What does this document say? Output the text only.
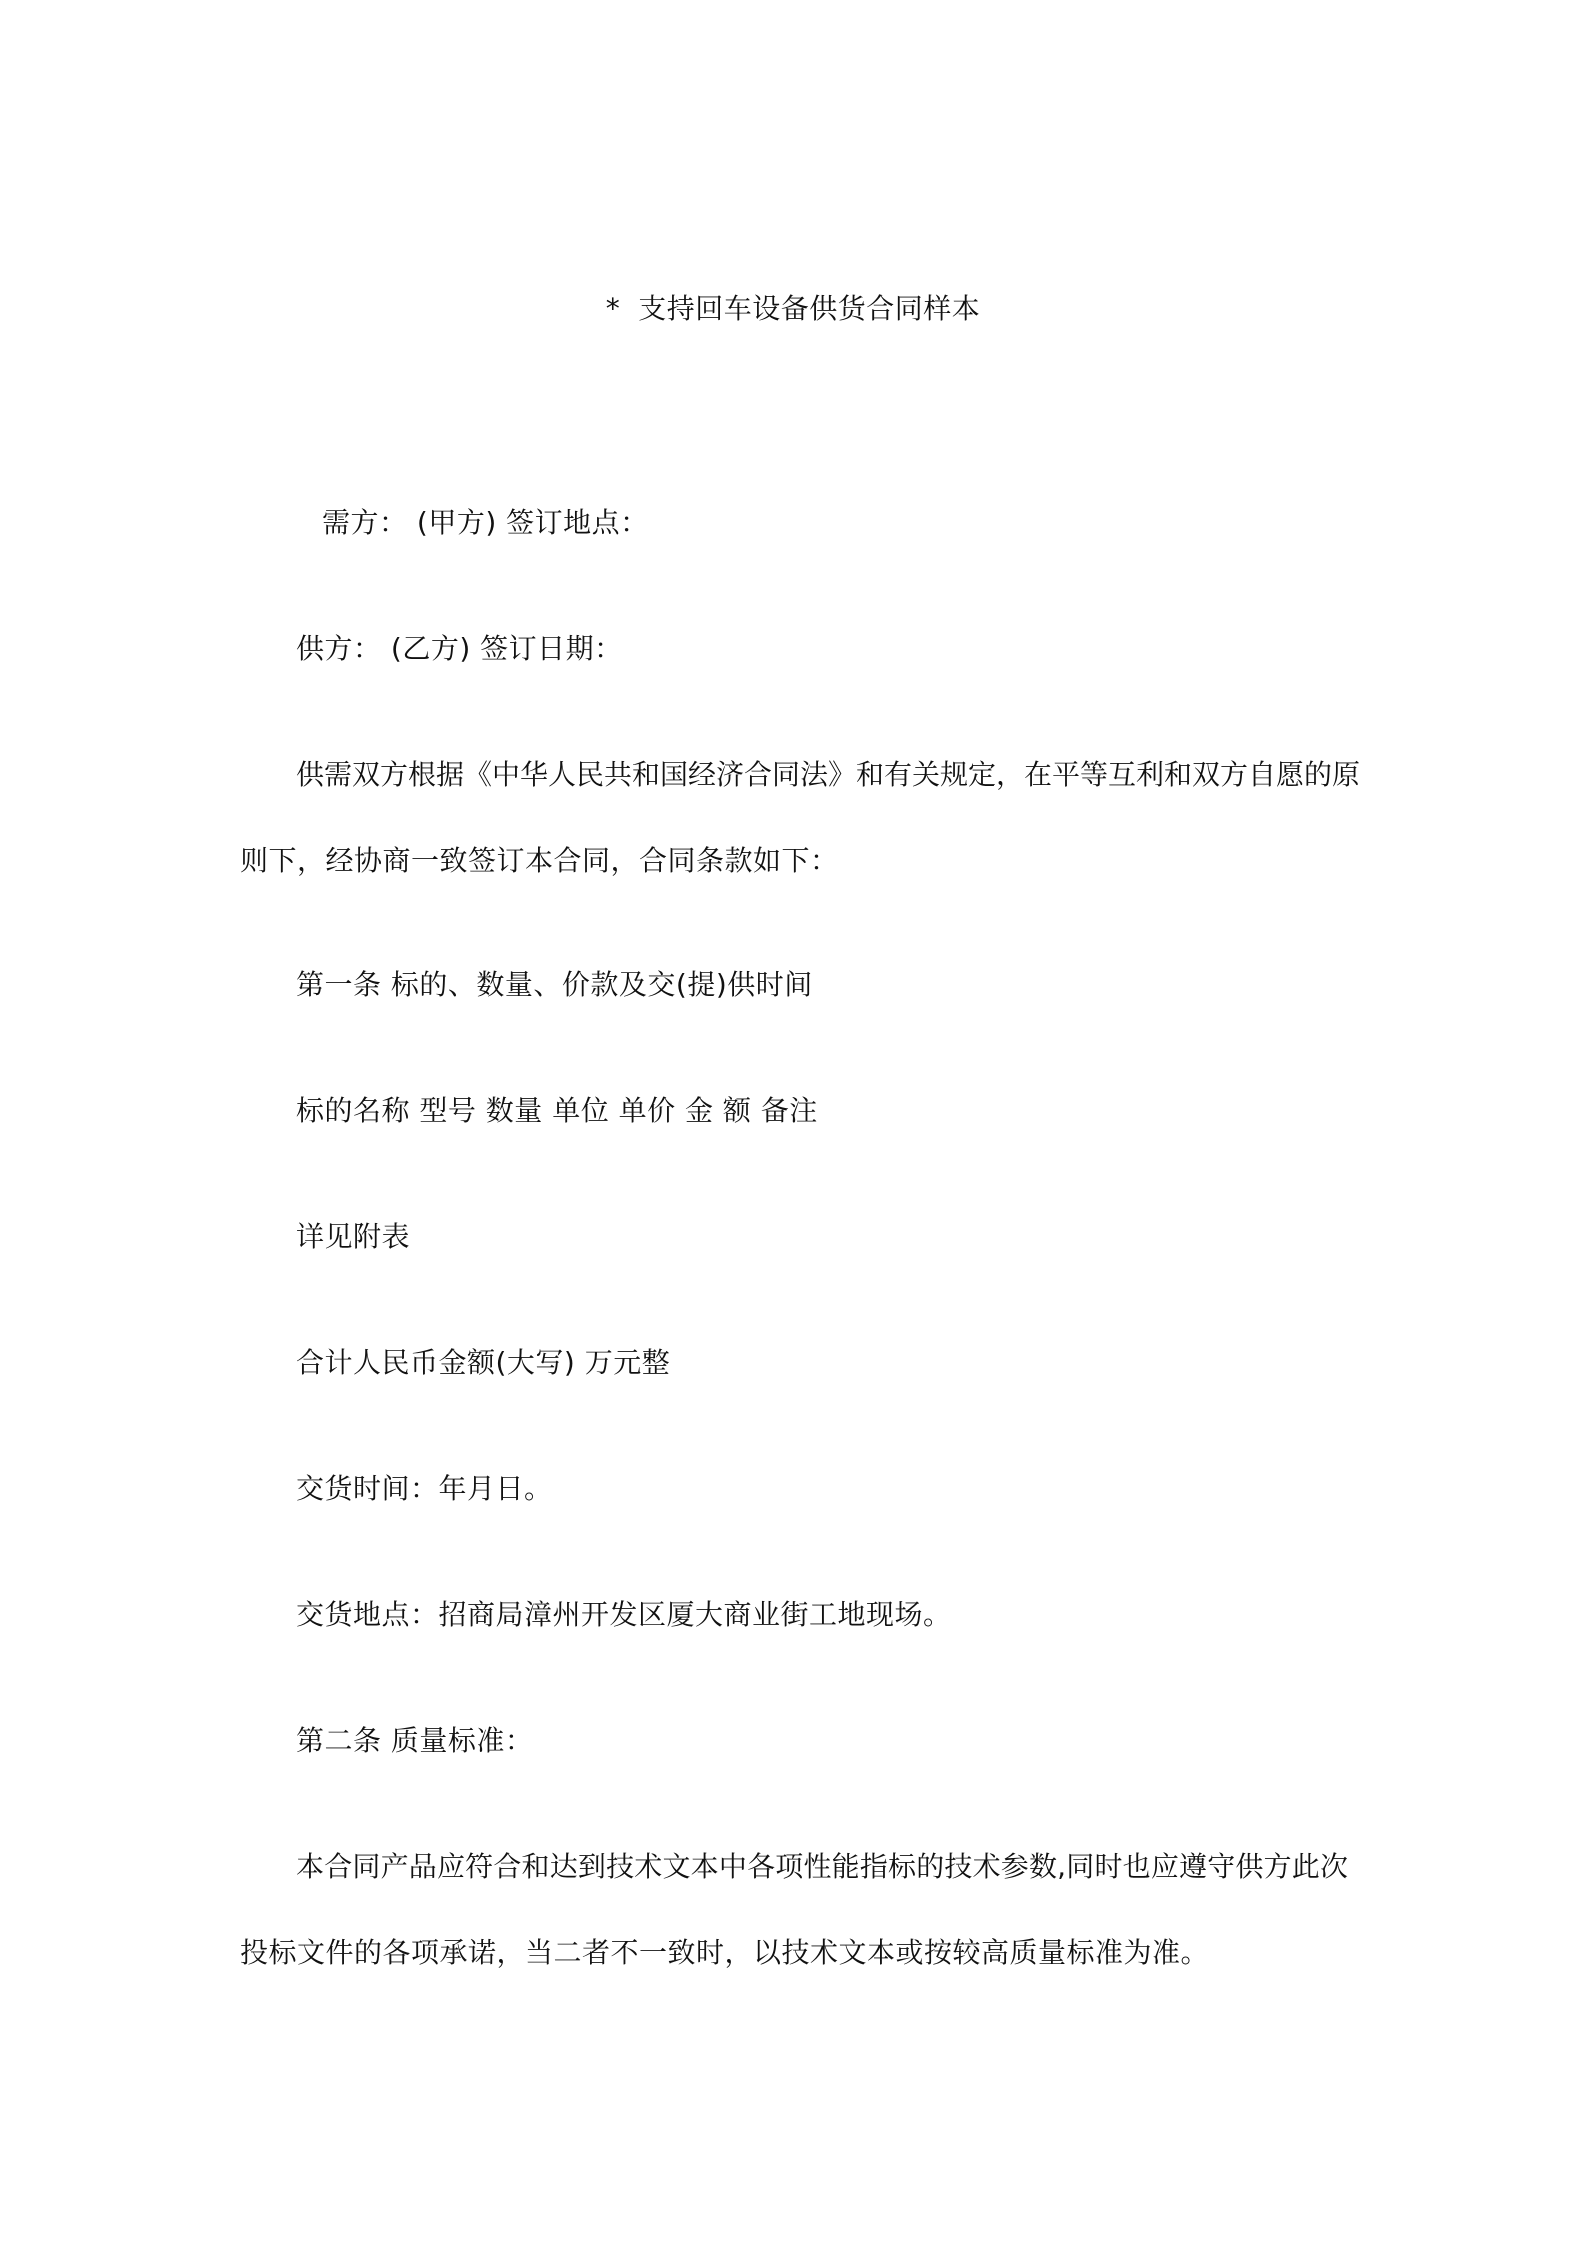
* 支持回车设备供货合同样本
需方： (甲方) 签订地点：
供方： (乙方) 签订日期：
供需双方根据《中华人民共和国经济合同法》和有关规定，在平等互利和双方自愿的原
则下，经协商一致签订本合同，合同条款如下：
第一条 标的、数量、价款及交(提)供时间
标的名称 型号 数量 单位 单价 金 额 备注
详见附表
合计人民币金额(大写) 万元整
交货时间：年月日。
交货地点：招商局漳州开发区厦大商业街工地现场。
第二条 质量标准：
本合同产品应符合和达到技术文本中各项性能指标的技术参数,同时也应遵守供方此次
投标文件的各项承诺，当二者不一致时，以技术文本或按较高质量标准为准。
